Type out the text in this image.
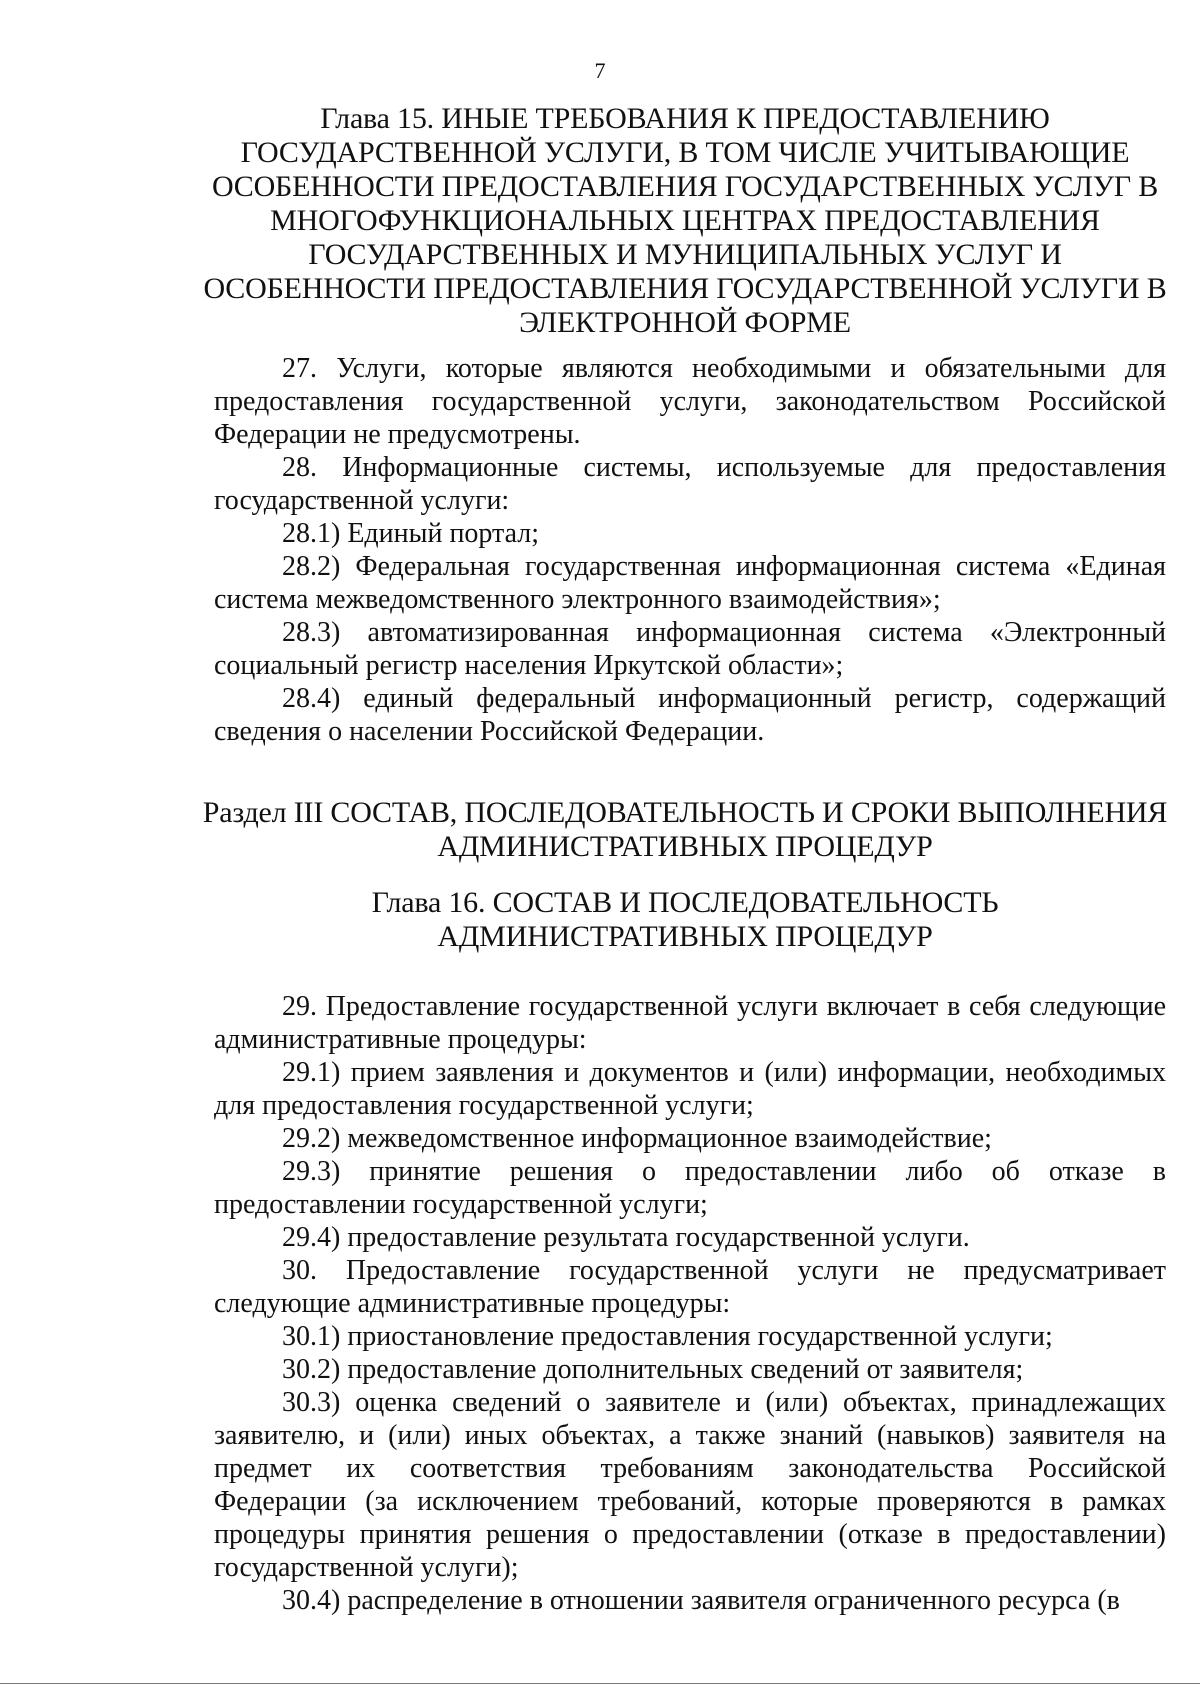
7
Глава 15. ИНЫЕ ТРЕБОВАНИЯ К ПРЕДОСТАВЛЕНИЮ ГОСУДАРСТВЕННОЙ УСЛУГИ, В ТОМ ЧИСЛЕ УЧИТЫВАЮЩИЕ ОСОБЕННОСТИ ПРЕДОСТАВЛЕНИЯ ГОСУДАРСТВЕННЫХ УСЛУГ В МНОГОФУНКЦИОНАЛЬНЫХ ЦЕНТРАХ ПРЕДОСТАВЛЕНИЯ ГОСУДАРСТВЕННЫХ И МУНИЦИПАЛЬНЫХ УСЛУГ И ОСОБЕННОСТИ ПРЕДОСТАВЛЕНИЯ ГОСУДАРСТВЕННОЙ УСЛУГИ В ЭЛЕКТРОННОЙ ФОРМЕ

27. Услуги, которые являются необходимыми и обязательными для предоставления государственной услуги, законодательством Российской Федерации не предусмотрены.

28. Информационные системы, используемые для предоставления государственной услуги:

28.1) Единый портал;

28.2) Федеральная государственная информационная система «Единая система межведомственного электронного взаимодействия»;

28.3) автоматизированная информационная система «Электронный социальный регистр населения Иркутской области»;

28.4) единый федеральный информационный регистр, содержащий сведения о населении Российской Федерации.

Раздел III СОСТАВ, ПОСЛЕДОВАТЕЛЬНОСТЬ И СРОКИ ВЫПОЛНЕНИЯ АДМИНИСТРАТИВНЫХ ПРОЦЕДУР
Глава 16. СОСТАВ И ПОСЛЕДОВАТЕЛЬНОСТЬ АДМИНИСТРАТИВНЫХ ПРОЦЕДУР

29. Предоставление государственной услуги включает в себя следующие административные процедуры:

29.1) прием заявления и документов и (или) информации, необходимых для предоставления государственной услуги;

29.2) межведомственное информационное взаимодействие;

29.3) принятие решения о предоставлении либо об отказе в предоставлении государственной услуги;

29.4) предоставление результата государственной услуги.

30. Предоставление государственной услуги не предусматривает следующие административные процедуры:

30.1) приостановление предоставления государственной услуги;

30.2) предоставление дополнительных сведений от заявителя;

30.3) оценка сведений о заявителе и (или) объектах, принадлежащих заявителю, и (или) иных объектах, а также знаний (навыков) заявителя на предмет их соответствия требованиям законодательства Российской Федерации (за исключением требований, которые проверяются в рамках процедуры принятия решения о предоставлении (отказе в предоставлении) государственной услуги);

30.4) распределение в отношении заявителя ограниченного ресурса (в
